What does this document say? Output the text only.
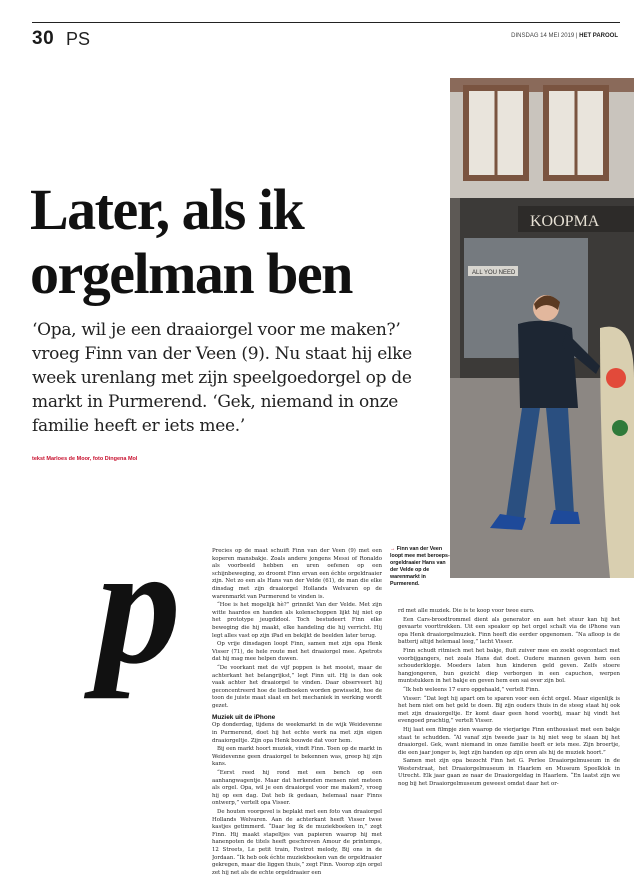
30 PS	DINSDAG 14 MEI 2019 | HET PAROOL
Later, als ik orgelman ben

‘Opa, wil je een draaiorgel voor me maken?’ vroeg Finn van der Veen (9). Nu staat hij elke week urenlang met zijn speelgoedorgel op de markt in Purmerend. ‘Gek, niemand in onze familie heeft er iets mee.’

tekst Marloes de Moor, foto Dingena Mol
KOOPMA
ALL YOU NEED
p	Precies op de maat schuift Finn van der Veen (9) met een koperen mansbakje. Zoals andere jongens Messi of Ronaldo als voorbeeld hebben en uren oefenen op een schijnbeweging, zo droomt Finn ervan een échte orgeldraaier zijn. Net zo een als Hans van der Velde (61), de man die elke dinsdag met zijn draaiorgel Hollands Welvaren op de warenmarkt van Purmerend te vinden is.

“Hoe is het mogelijk hè?” grinnikt Van der Velde. Met zijn witte haardos en handen als kolenschoppen lijkt hij niet op het prototype jeugdidool. Toch bestudeert Finn elke beweging die hij maakt, elke handeling die hij verricht. Hij legt alles vast op zijn iPad en bekijkt de beelden later terug.

Op vrije dinsdagen loopt Finn, samen met zijn opa Henk Visser (71), de hele route met het draaiorgel mee. Apetrots dat hij mag mee helpen duwen.

“De voorkant met de vijf poppen is het mooist, maar de achterkant het belangrijkst,” legt Finn uit. Hij is dan ook vaak achter het draaiorgel te vinden. Daar observeert hij geconcentreerd hoe de liedboeken worden gewisseld, hoe de toon de juiste maat slaat en het mechaniek in werking wordt gezet.

Muziek uit de iPhone

Op donderdag, tijdens de weekmarkt in de wijk Weidevenne in Purmerend, doet hij het echte werk na met zijn eigen draaiorgeltje. Zijn opa Henk bouwde dat voor hem.

Bij een markt hoort muziek, vindt Finn. Toen op de markt in Weidevenne geen draaiorgel te bekennen was, greep hij zijn kans.

“Eerst reed hij rond met een bench op een aanhangwagentje. Maar dat herkenden mensen niet meteen als orgel. Opa, wil je een draaiorgel voor me maken?, vroeg hij op een dag. Dat heb ik gedaan, helemaal naar Finns ontwerp,” vertelt opa Visser.

De houten voorgevel is beplakt met een foto van draaiorgel Hollands Welvaren. Aan de achterkant heeft Visser twee kastjes getimmerd. “Daar leg ik de muziekboeken in,” zegt Finn. Hij maakt stapeltjes van papieren waarop hij met hanenpoten de titels heeft geschreven Amour de printemps, 12 Streets, Le petit train, Foxtrot melody, Bij ons in de Jordaan. “Ik heb ook échte muziekboeken van de orgeldraaier gekregen, maar die liggen thuis,” zegt Finn. Voorop zijn orgel zet hij net als de echte orgeldraaier een

→ Finn van der Veen loopt mee met beroeps-orgeldraaier Hans van der Velde op de warenmarkt in Purmerend.

rd met alle muziek. Die is te koop voor twee euro.

Een Cars-broodtrommel dient als generator en aan het stuur kan hij het gevaarte voorttrekken. Uit een speaker op het orgel schalt via de iPhone van opa Henk draaiorgelmuziek. Finn heeft die eerder opgenomen. “Na afloop is de batterij altijd helemaal leeg,” lacht Visser.

Finn schudt ritmisch met het bakje, fluit zuiver mee en zoekt oogcontact met voorbijgangers, net zoals Hans dat doet. Oudere mannen geven hem een schouderklopje. Moeders laten hun kinderen geld geven. Zelfs stoere hangjongeren, hun gezicht diep verborgen in een capuchon, werpen muntstukken in het bakje en geven hem een sai over zijn bol.

“Ik heb weleens 17 euro opgehaald,” vertelt Finn.

Visser: “Dat legt hij apart om te sparen voor een écht orgel. Maar eigenlijk is het hem niet om het geld te doen. Bij zijn ouders thuis in de steeg staat hij ook met zijn draaiorgeltje. Er komt daar geen hond voorbij, maar hij vindt het evengoed prachtig,” vertelt Visser.

Hij laat een filmpje zien waarop de vierjarige Finn enthousiast met een bakje staat te schudden. “Al vanaf zijn tweede jaar is hij niet weg te slaan bij het draaiorgel. Gek, want niemand in onze familie heeft er iets mee. Zijn broertje, die een jaar jonger is, legt zijn handen op zijn oren als hij de muziek hoort.”

Samen met zijn opa bezocht Finn het G. Perlee Draaiorgelmuseum in de Westerstraat, het Draaiorgelmuseum in Haarlem en Museum Speelklok in Utrecht. Elk jaar gaan ze naar de Draaiorgeldag in Haarlem. “En laatst zijn we nog bij het Draaiorgelmuseum geweest omdat daar het or-
